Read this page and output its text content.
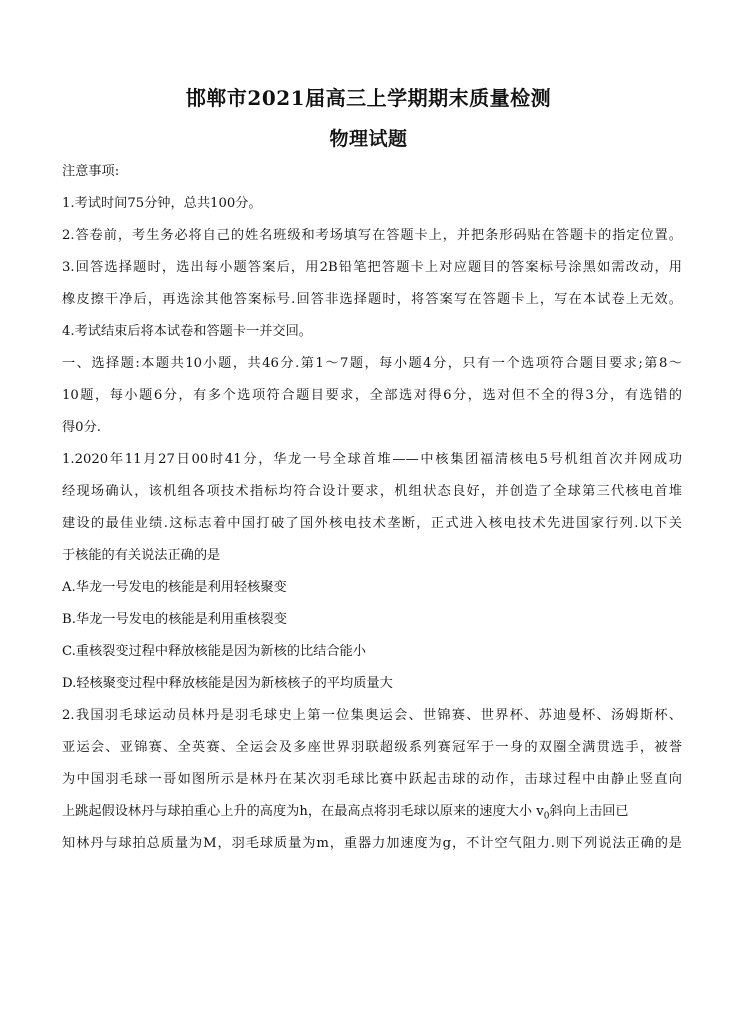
邯郸市2021届高三上学期期末质量检测
物理试题
注意事项:
1.考试时间75分钟，总共100分。
2.答卷前，考生务必将自己的姓名班级和考场填写在答题卡上，并把条形码贴在答题卡的指定位置。
3.回答选择题时，选出每小题答案后，用2B铅笔把答题卡上对应题目的答案标号涂黑如需改动，用
橡皮擦干净后，再选涂其他答案标号.回答非选择题时，将答案写在答题卡上，写在本试卷上无效。
4.考试结束后将本试卷和答题卡一并交回。
一、选择题:本题共10小题，共46分.第1～7题，每小题4分，只有一个选项符合题目要求;第8～
10题，每小题6分，有多个选项符合题目要求，全部选对得6分，选对但不全的得3分，有选错的
得0分.
1.2020年11月27日00时41分，华龙一号全球首堆——中核集团福清核电5号机组首次并网成功
经现场确认，该机组各项技术指标均符合设计要求，机组状态良好，并创造了全球第三代核电首堆
建设的最佳业绩.这标志着中国打破了国外核电技术垄断，正式进入核电技术先进国家行列.以下关
于核能的有关说法正确的是
A.华龙一号发电的核能是利用轻核聚变
B.华龙一号发电的核能是利用重核裂变
C.重核裂变过程中释放核能是因为新核的比结合能小
D.轻核聚变过程中释放核能是因为新核核子的平均质量大
2.我国羽毛球运动员林丹是羽毛球史上第一位集奥运会、世锦赛、世界杯、苏迪曼杯、汤姆斯杯、
亚运会、亚锦赛、全英赛、全运会及多座世界羽联超级系列赛冠军于一身的双圈全满贯选手，被誉
为中国羽毛球一哥如图所示是林丹在某次羽毛球比赛中跃起击球的动作，击球过程中由静止竖直向
上跳起假设林丹与球拍重心上升的高度为h，在最高点将羽毛球以原来的速度大小 $v_0$斜向上击回已
知林丹与球拍总质量为M，羽毛球质量为m，重器力加速度为g，不计空气阻力.则下列说法正确的是
